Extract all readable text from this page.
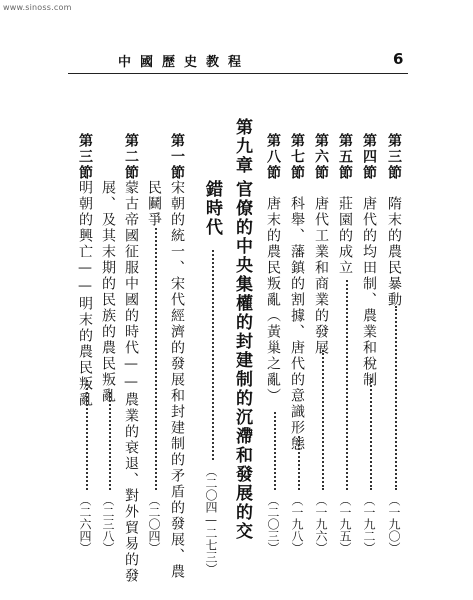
www.sinoss.com
中國歷史教程	6
第三節
隋末的農民暴動
（一九〇）
第四節
唐代的均田制、農業和稅制
（一九二）
第五節
莊園的成立
（一九五）
第六節
唐代工業和商業的發展
（一九六）
第七節
科舉、藩鎮的割據、唐代的意識形態
（一九八）
第八節
唐末的農民叛亂（黃巢之亂）
（二〇三）
第九章
官僚的中央集權的封建制的沉滯和發展的交
錯時代
（二〇四—二七三）
第一節
宋朝的統一、宋代經濟的發展和封建制的矛盾的發展、農
民鬭爭
（二〇四）
第二節
蒙古帝國征服中國的時代——農業的衰退、對外貿易的發
展、及其末期的民族的農民叛亂
（二三八）
第三節
明朝的興亡——明末的農民叛亂
（二六四）
